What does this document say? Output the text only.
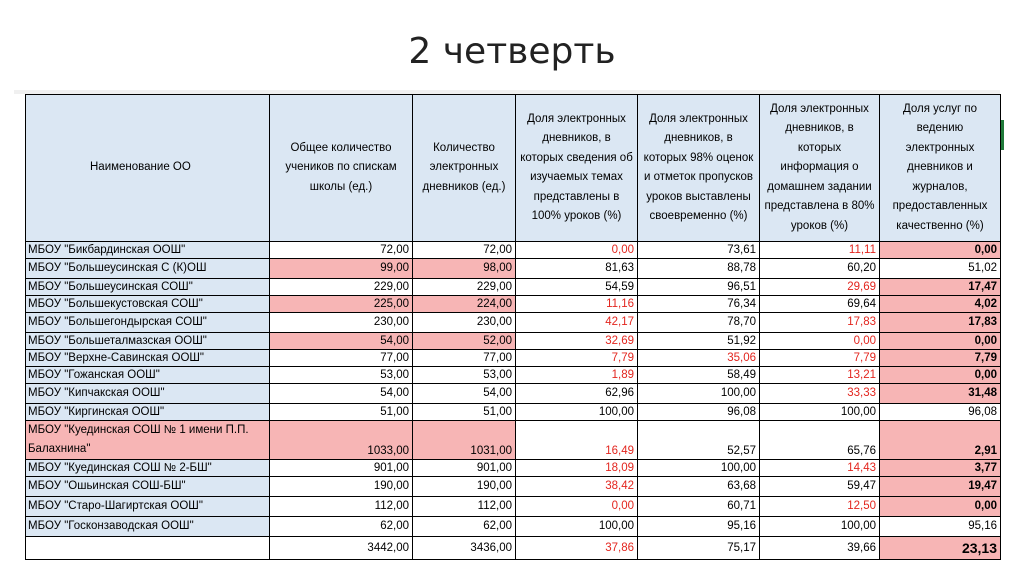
2 четверть
Наименование ОО	Общее количество учеников по спискам школы (ед.)	Количество электронных дневников (ед.)	Доля электронных дневников, в которых сведения об изучаемых темах представлены в 100% уроков (%)	Доля электронных дневников, в которых 98% оценок и отметок пропусков уроков выставлены своевременно (%)	Доля электронных дневников, в которых информация о домашнем задании представлена в 80% уроков (%)	Доля услуг по ведению электронных дневников и журналов, предоставленных качественно (%)
МБОУ "Бикбардинская ООШ"	72,00	72,00	0,00	73,61	11,11	0,00
МБОУ "Большеусинская С (К)ОШ	99,00	98,00	81,63	88,78	60,20	51,02
МБОУ "Большеусинская СОШ"	229,00	229,00	54,59	96,51	29,69	17,47
МБОУ "Большекустовская СОШ"	225,00	224,00	11,16	76,34	69,64	4,02
МБОУ "Большегондырская СОШ"	230,00	230,00	42,17	78,70	17,83	17,83
МБОУ "Большеталмазская ООШ"	54,00	52,00	32,69	51,92	0,00	0,00
МБОУ "Верхне-Савинская ООШ"	77,00	77,00	7,79	35,06	7,79	7,79
МБОУ "Гожанская ООШ"	53,00	53,00	1,89	58,49	13,21	0,00
МБОУ "Кипчакская ООШ"	54,00	54,00	62,96	100,00	33,33	31,48
МБОУ "Киргинская ООШ"	51,00	51,00	100,00	96,08	100,00	96,08
МБОУ "Куединская СОШ № 1 имени П.П. Балахнина"	1033,00	1031,00	16,49	52,57	65,76	2,91
МБОУ "Куединская СОШ № 2-БШ"	901,00	901,00	18,09	100,00	14,43	3,77
МБОУ "Ошьинская СОШ-БШ"	190,00	190,00	38,42	63,68	59,47	19,47
МБОУ "Старо-Шагиртская ООШ"	112,00	112,00	0,00	60,71	12,50	0,00
МБОУ "Госконзаводская ООШ"	62,00	62,00	100,00	95,16	100,00	95,16
	3442,00	3436,00	37,86	75,17	39,66	23,13
